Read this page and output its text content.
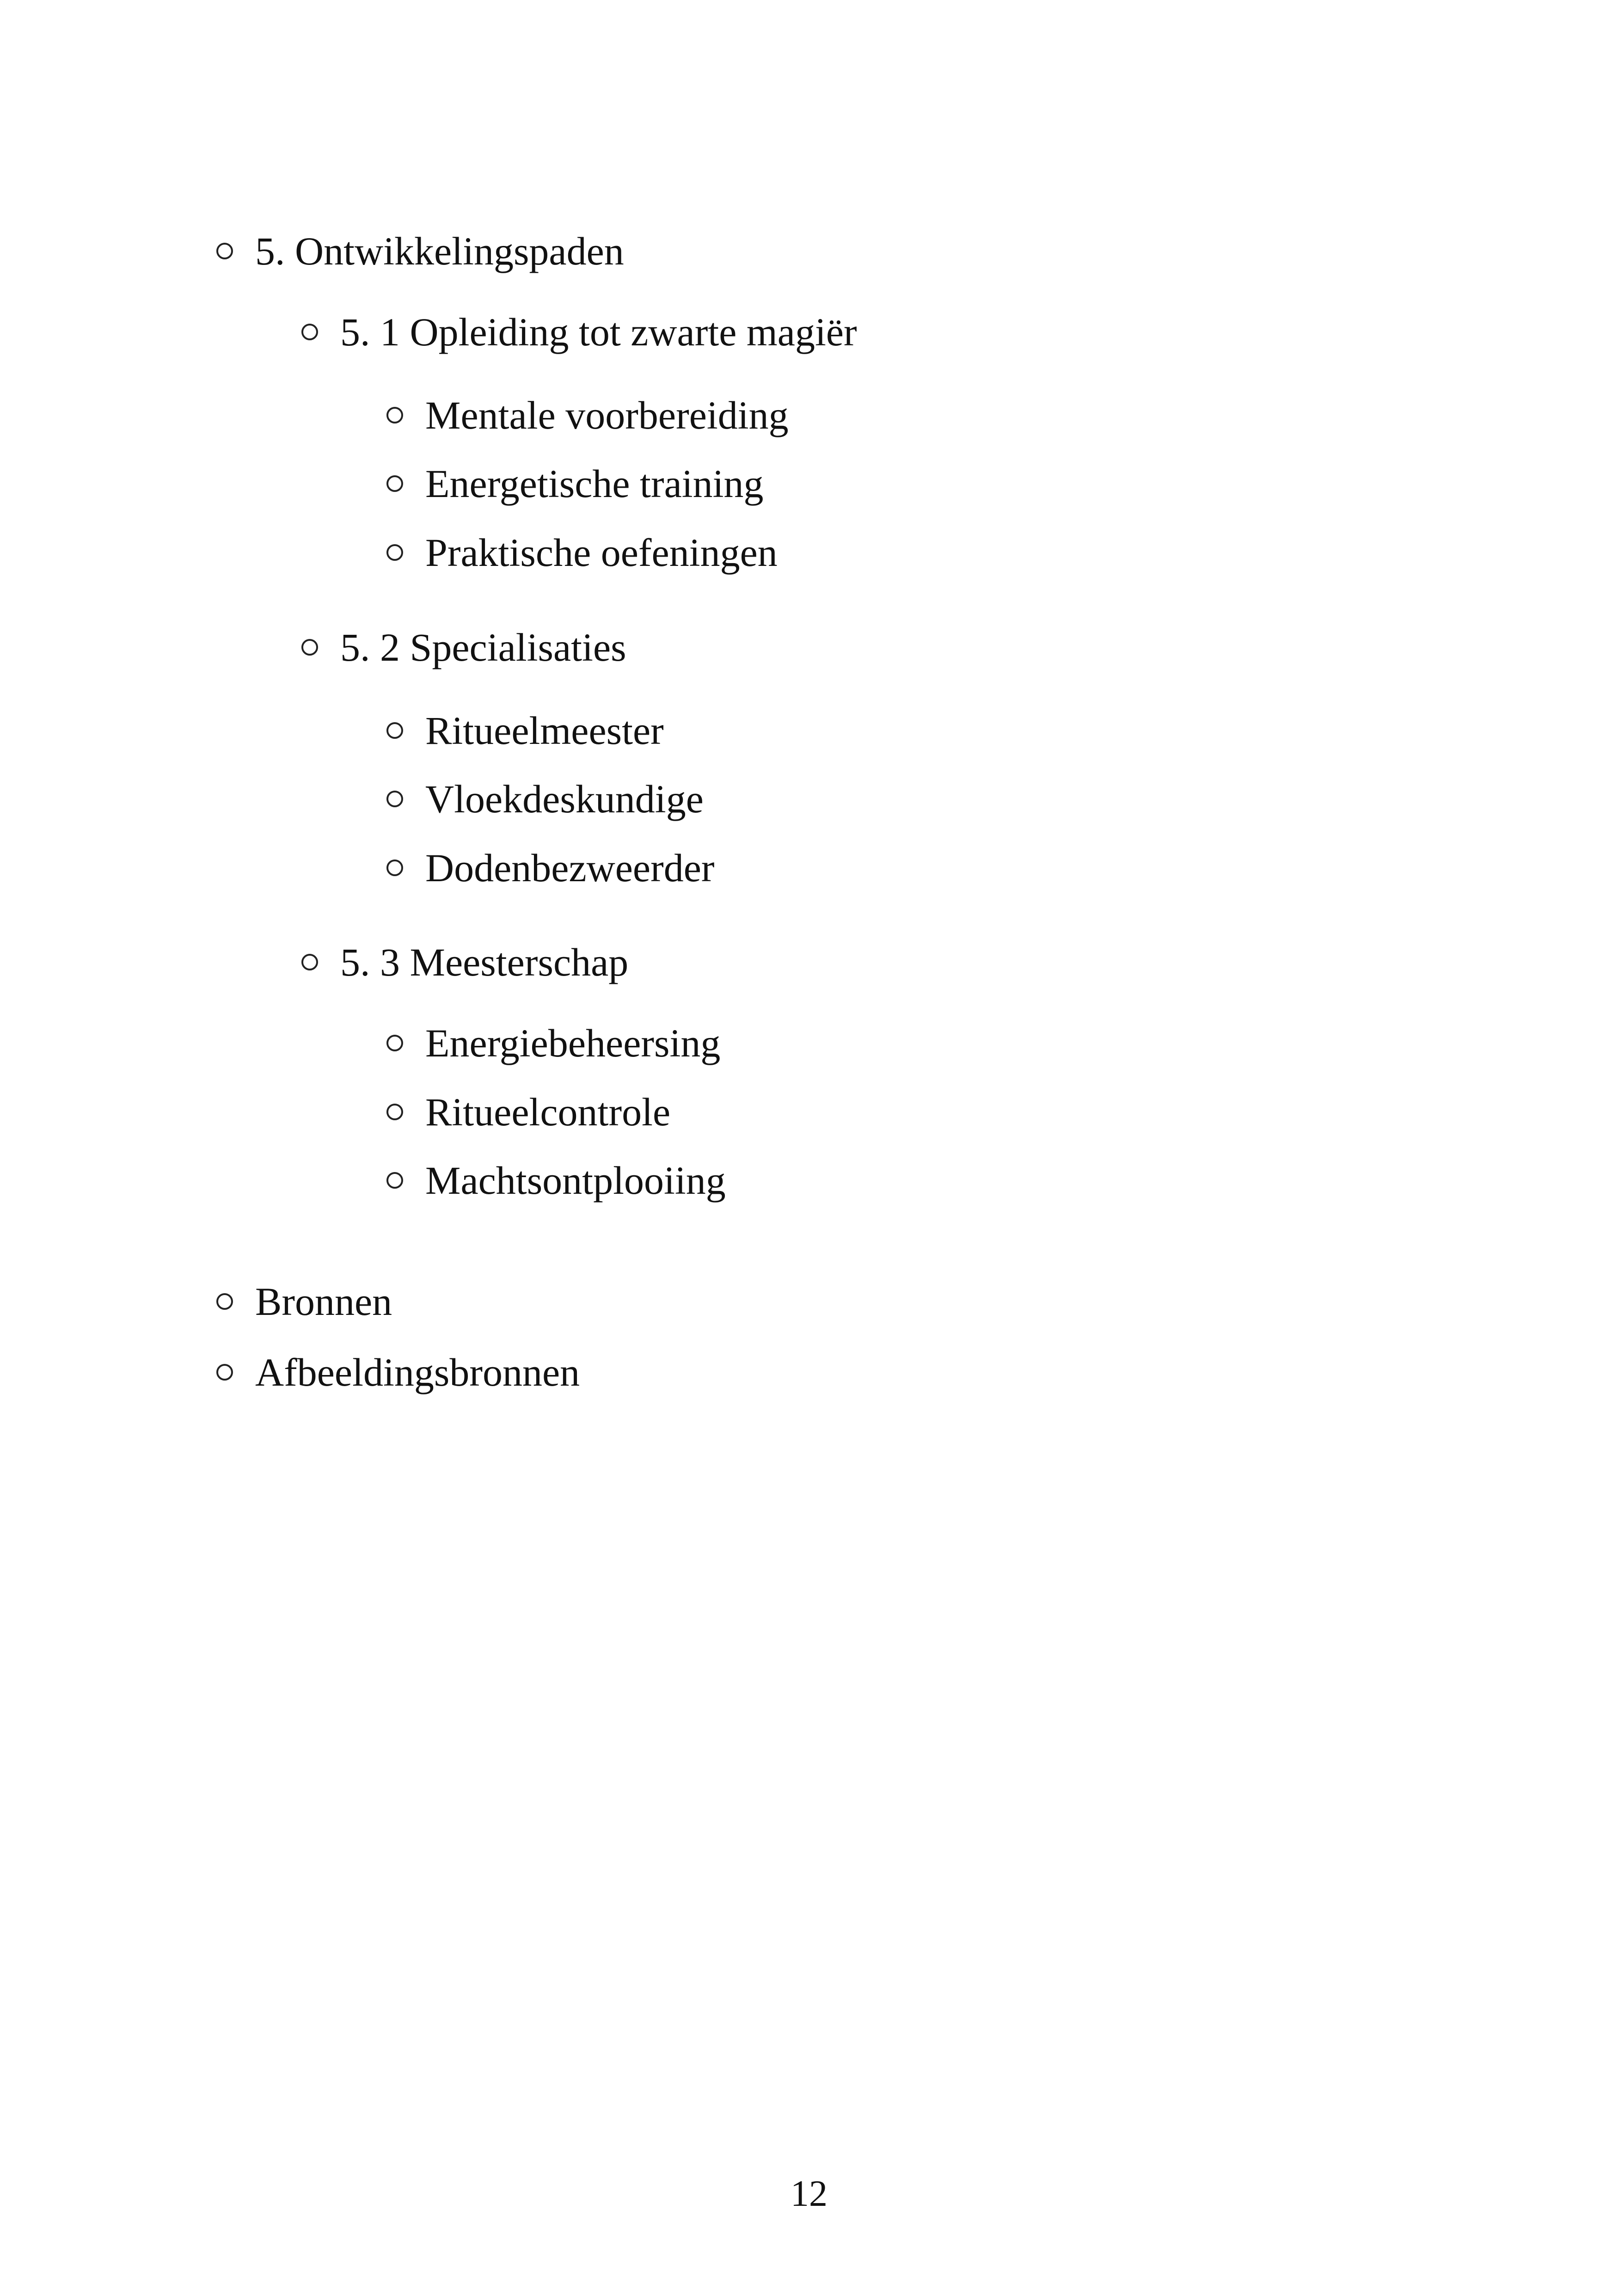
5. Ontwikkelingspaden
5. 1 Opleiding tot zwarte magiër
Mentale voorbereiding
Energetische training
Praktische oefeningen
5. 2 Specialisaties
Ritueelmeester
Vloekdeskundige
Dodenbezweerder
5. 3 Meesterschap
Energiebeheersing
Ritueelcontrole
Machtsontplooiing
Bronnen
Afbeeldingsbronnen
12
